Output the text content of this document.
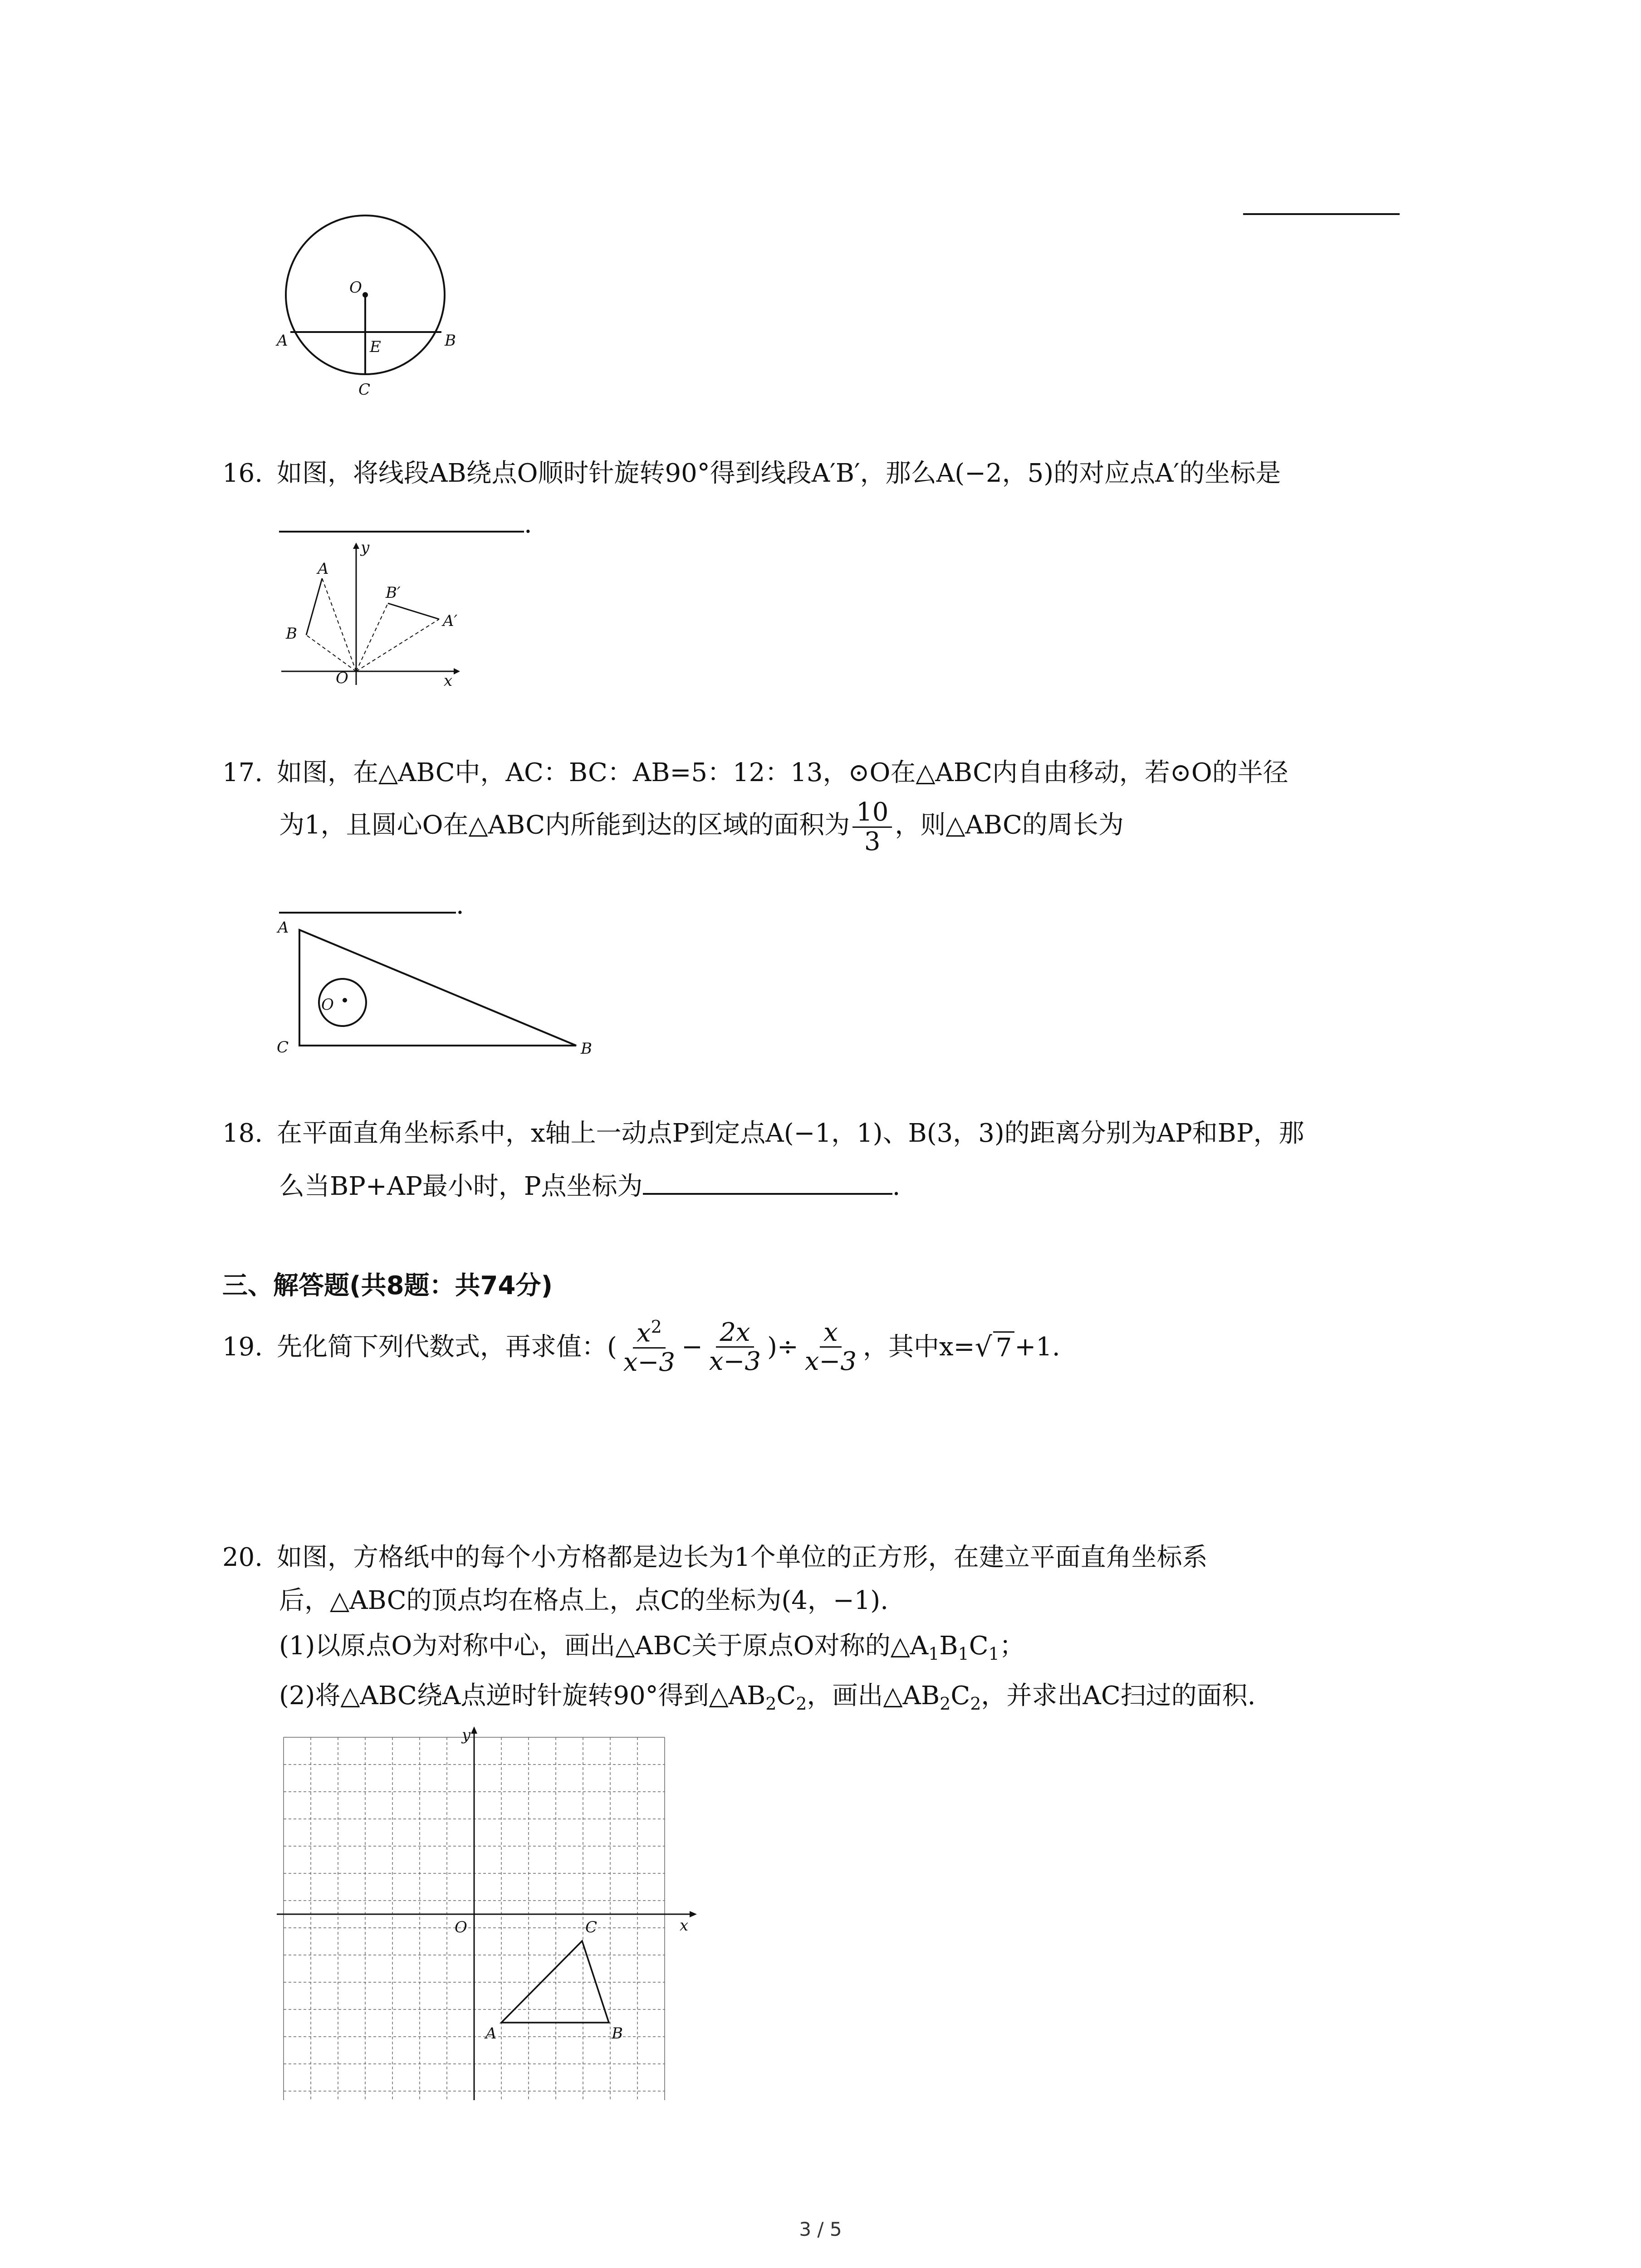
O
A	E	B
C
16. 如图，将线段AB绕点O顺时针旋转90°得到线段A′B′，那么A(−2，5)的对应点A′的坐标是
.
A
B
B′
A′
O	x
y
17. 如图，在△ABC中，AC：BC：AB=5：12：13，⊙O在△ABC内自由移动，若⊙O的半径
为1，且圆心O在△ABC内所能到达的区域的面积为 $\frac{10}{3}$ ，则△ABC的周长为
.
A
C	B
O
18. 在平面直角坐标系中，x轴上一动点P到定点A(−1，1)、B(3，3)的距离分别为AP和BP，那
么当BP+AP最小时，P点坐标为	.
三、解答题(共8题：共74分)
19. 先化简下列代数式，再求值：( $\frac{x^2}{x-3} - \frac{2x}{x-3}$ )÷ $\frac{x}{x-3}$ ，其中x= √ 7 +1.
20. 如图，方格纸中的每个小方格都是边长为1个单位的正方形，在建立平面直角坐标系
后，△ABC的顶点均在格点上，点C的坐标为(4，−1).
(1)以原点O为对称中心，画出△ABC关于原点O对称的$\triangle A_1B_1C_1$；
(2)将△ABC绕A点逆时针旋转90°得到$\triangle AB_2C_2$，画出$\triangle AB_2C_2$，并求出AC扫过的面积.
y
x
O	C
A	B
3 / 5
